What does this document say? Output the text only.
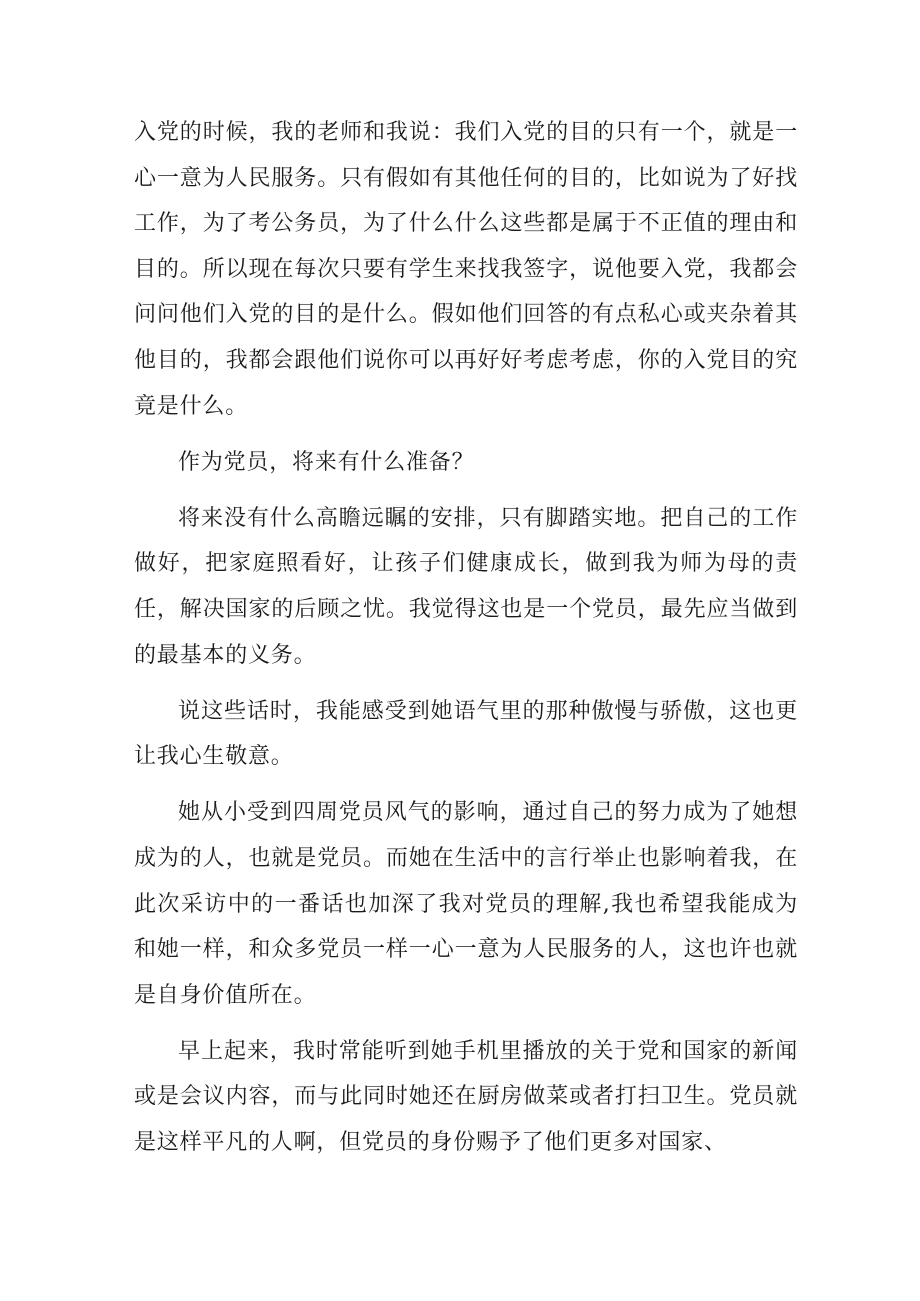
入党的时候，我的老师和我说：我们入党的目的只有一个，就是一心一意为人民服务。只有假如有其他任何的目的，比如说为了好找工作，为了考公务员，为了什么什么这些都是属于不正值的理由和目的。所以现在每次只要有学生来找我签字，说他要入党，我都会问问他们入党的目的是什么。假如他们回答的有点私心或夹杂着其他目的，我都会跟他们说你可以再好好考虑考虑，你的入党目的究竟是什么。

作为党员，将来有什么准备？

将来没有什么高瞻远瞩的安排，只有脚踏实地。把自己的工作做好，把家庭照看好，让孩子们健康成长，做到我为师为母的责任，解决国家的后顾之忧。我觉得这也是一个党员，最先应当做到的最基本的义务。

说这些话时，我能感受到她语气里的那种傲慢与骄傲，这也更让我心生敬意。

她从小受到四周党员风气的影响，通过自己的努力成为了她想成为的人，也就是党员。而她在生活中的言行举止也影响着我，在此次采访中的一番话也加深了我对党员的理解,我也希望我能成为和她一样，和众多党员一样一心一意为人民服务的人，这也许也就是自身价值所在。

早上起来，我时常能听到她手机里播放的关于党和国家的新闻或是会议内容，而与此同时她还在厨房做菜或者打扫卫生。党员就是这样平凡的人啊，但党员的身份赐予了他们更多对国家、
